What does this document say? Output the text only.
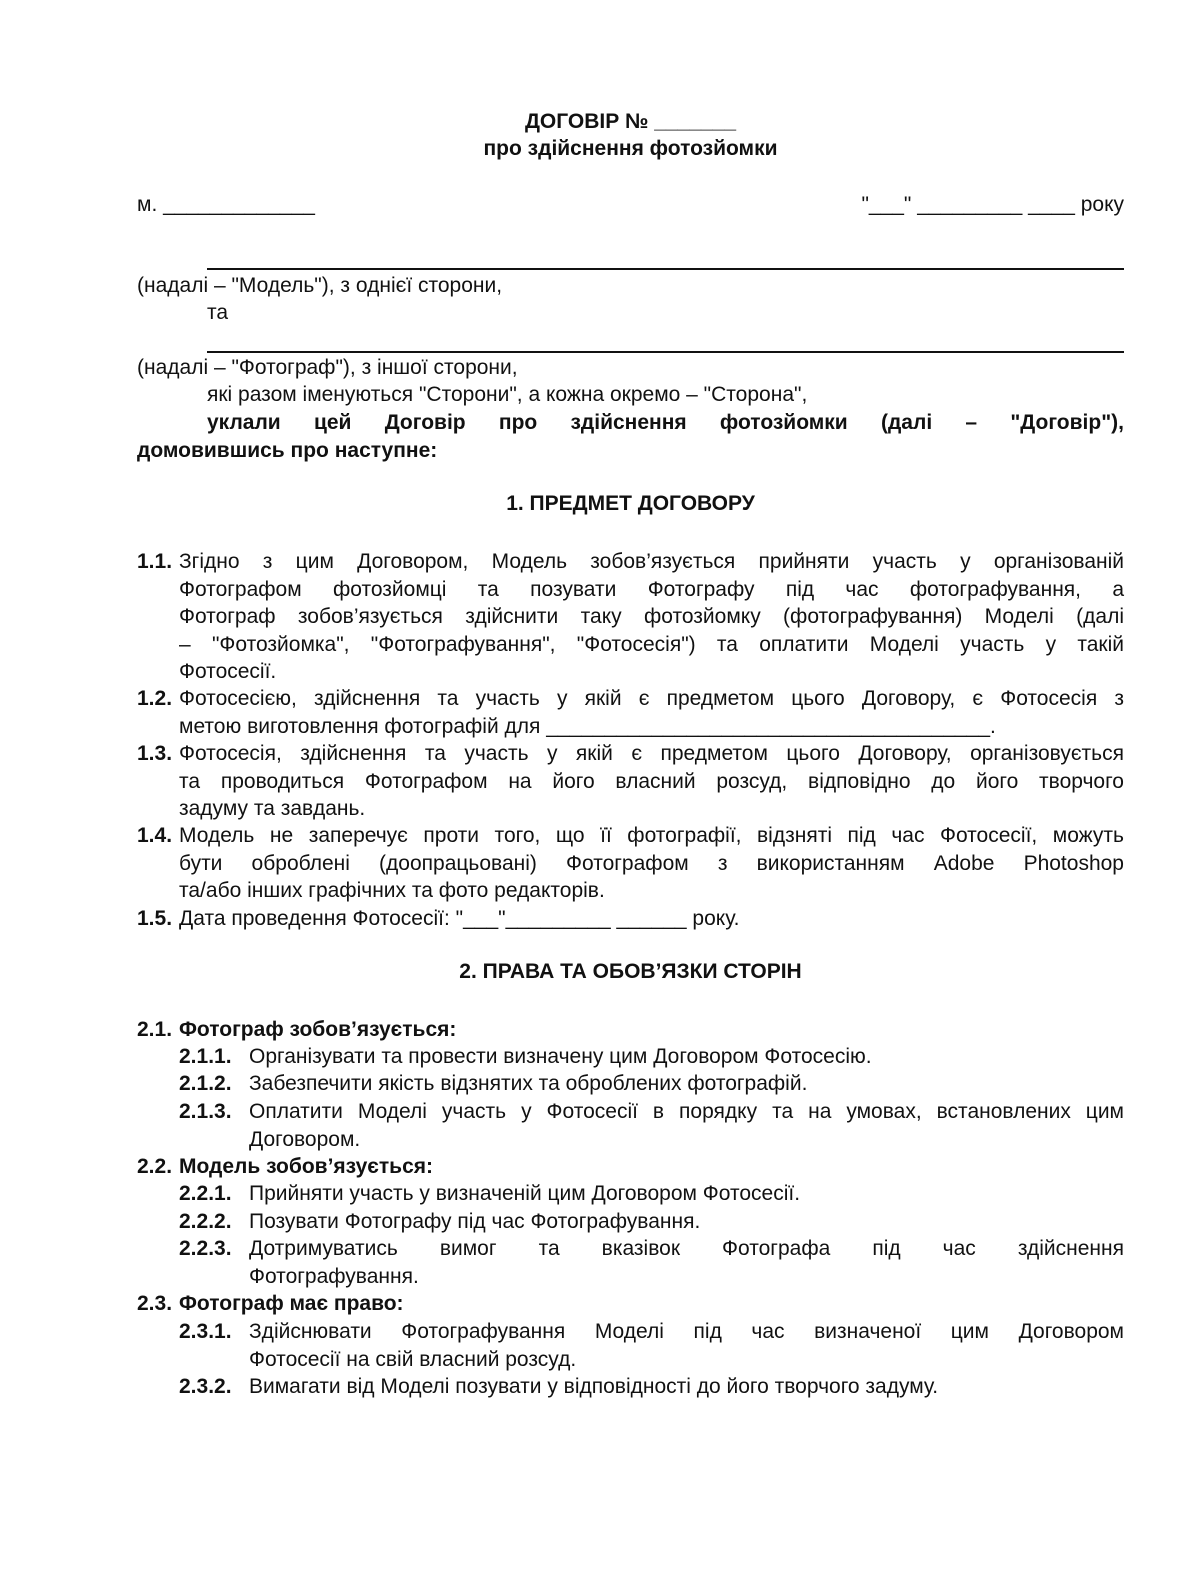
ДОГОВІР № _______
про здійснення фотозйомки
м. _____________	"___" _________ ____ року
(надалі – "Модель"), з однієї сторони,
та
(надалі – "Фотограф"), з іншої сторони,
які разом іменуються "Сторони", а кожна окремо – "Сторона",
уклали цей Договір про здійснення фотозйомки (далі – "Договір"),
домовившись про наступне:
1. ПРЕДМЕТ ДОГОВОРУ
1.1. Згідно з цим Договором, Модель зобов’язується прийняти участь у організованій
Фотографом фотозйомці та позувати Фотографу під час фотографування, а
Фотограф зобов’язується здійснити таку фотозйомку (фотографування) Моделі (далі
– "Фотозйомка", "Фотографування", "Фотосесія") та оплатити Моделі участь у такій
Фотосесії.
1.2. Фотосесією, здійснення та участь у якій є предметом цього Договору, є Фотосесія з
метою виготовлення фотографій для ______________________________________.
1.3. Фотосесія, здійснення та участь у якій є предметом цього Договору, організовується
та проводиться Фотографом на його власний розсуд, відповідно до його творчого
задуму та завдань.
1.4. Модель не заперечує проти того, що її фотографії, відзняті під час Фотосесії, можуть
бути оброблені (доопрацьовані) Фотографом з використанням Adobe Photoshop
та/або інших графічних та фото редакторів.
1.5. Дата проведення Фотосесії: "___"_________ ______ року.
2. ПРАВА ТА ОБОВ’ЯЗКИ СТОРІН
2.1. Фотограф зобов’язується:
2.1.1. Організувати та провести визначену цим Договором Фотосесію.
2.1.2. Забезпечити якість відзнятих та оброблених фотографій.
2.1.3. Оплатити Моделі участь у Фотосесії в порядку та на умовах, встановлених цим
Договором.
2.2. Модель зобов’язується:
2.2.1. Прийняти участь у визначеній цим Договором Фотосесії.
2.2.2. Позувати Фотографу під час Фотографування.
2.2.3. Дотримуватись вимог та вказівок Фотографа під час здійснення
Фотографування.
2.3. Фотограф має право:
2.3.1. Здійснювати Фотографування Моделі під час визначеної цим Договором
Фотосесії на свій власний розсуд.
2.3.2. Вимагати від Моделі позувати у відповідності до його творчого задуму.
